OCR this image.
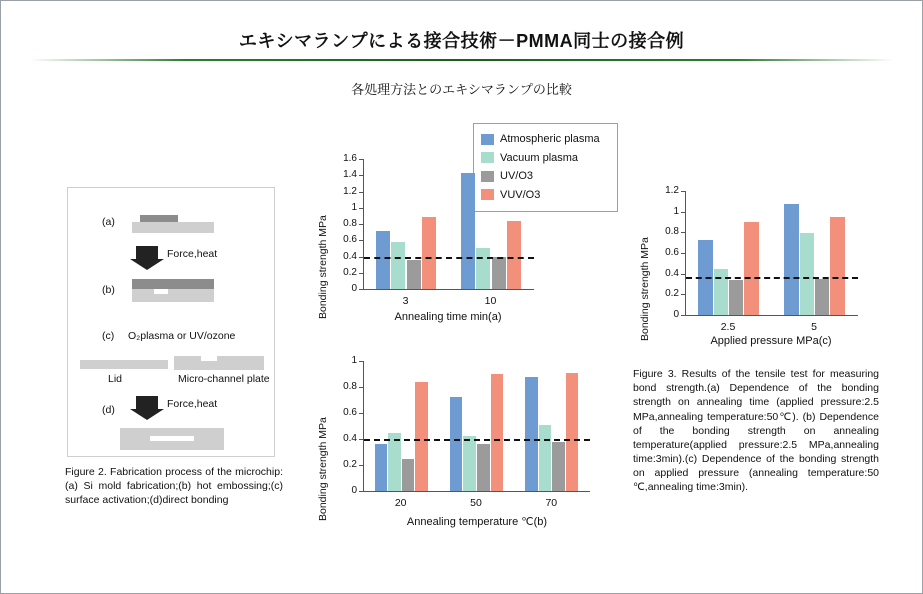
エキシマランプによる接合技術－PMMA同士の接合例
各処理方法とのエキシマランプの比較
(a)
Force,heat
(b)
(c) O₂plasma or UV/ozone
Lid	Micro-channel plate
(d)	Force,heat
Figure 2. Fabrication process of the microchip:(a) Si mold fabrication;(b) hot embossing;(c) surface activation;(d)direct bonding
Atmospheric plasma
Vacuum plasma
UV/O3
VUV/O3
Bonding strength MPa	Annealing time min(a)
0
0.2
0.4
0.6
0.8
1
1.2
1.4
1.6
3	10
Bonding strength MPa
Annealing temperature ℃(b)
0
0.2
0.4
0.6
0.8
1
20	50	70
Bonding strength MPa	Applied pressure MPa(c)
0
0.2
0.4
0.6
0.8
1
1.2
2.5	5
Figure 3. Results of the tensile test for measuring bond strength.(a) Dependence of the bonding strength on annealing time (applied pressure:2.5 MPa,annealing temperature:50℃). (b) Dependence of the bonding strength on annealing temperature(applied pressure:2.5 MPa,annealing time:3min).(c) Dependence of the bonding strength on applied pressure (annealing temperature:50 ℃,annealing time:3min).
